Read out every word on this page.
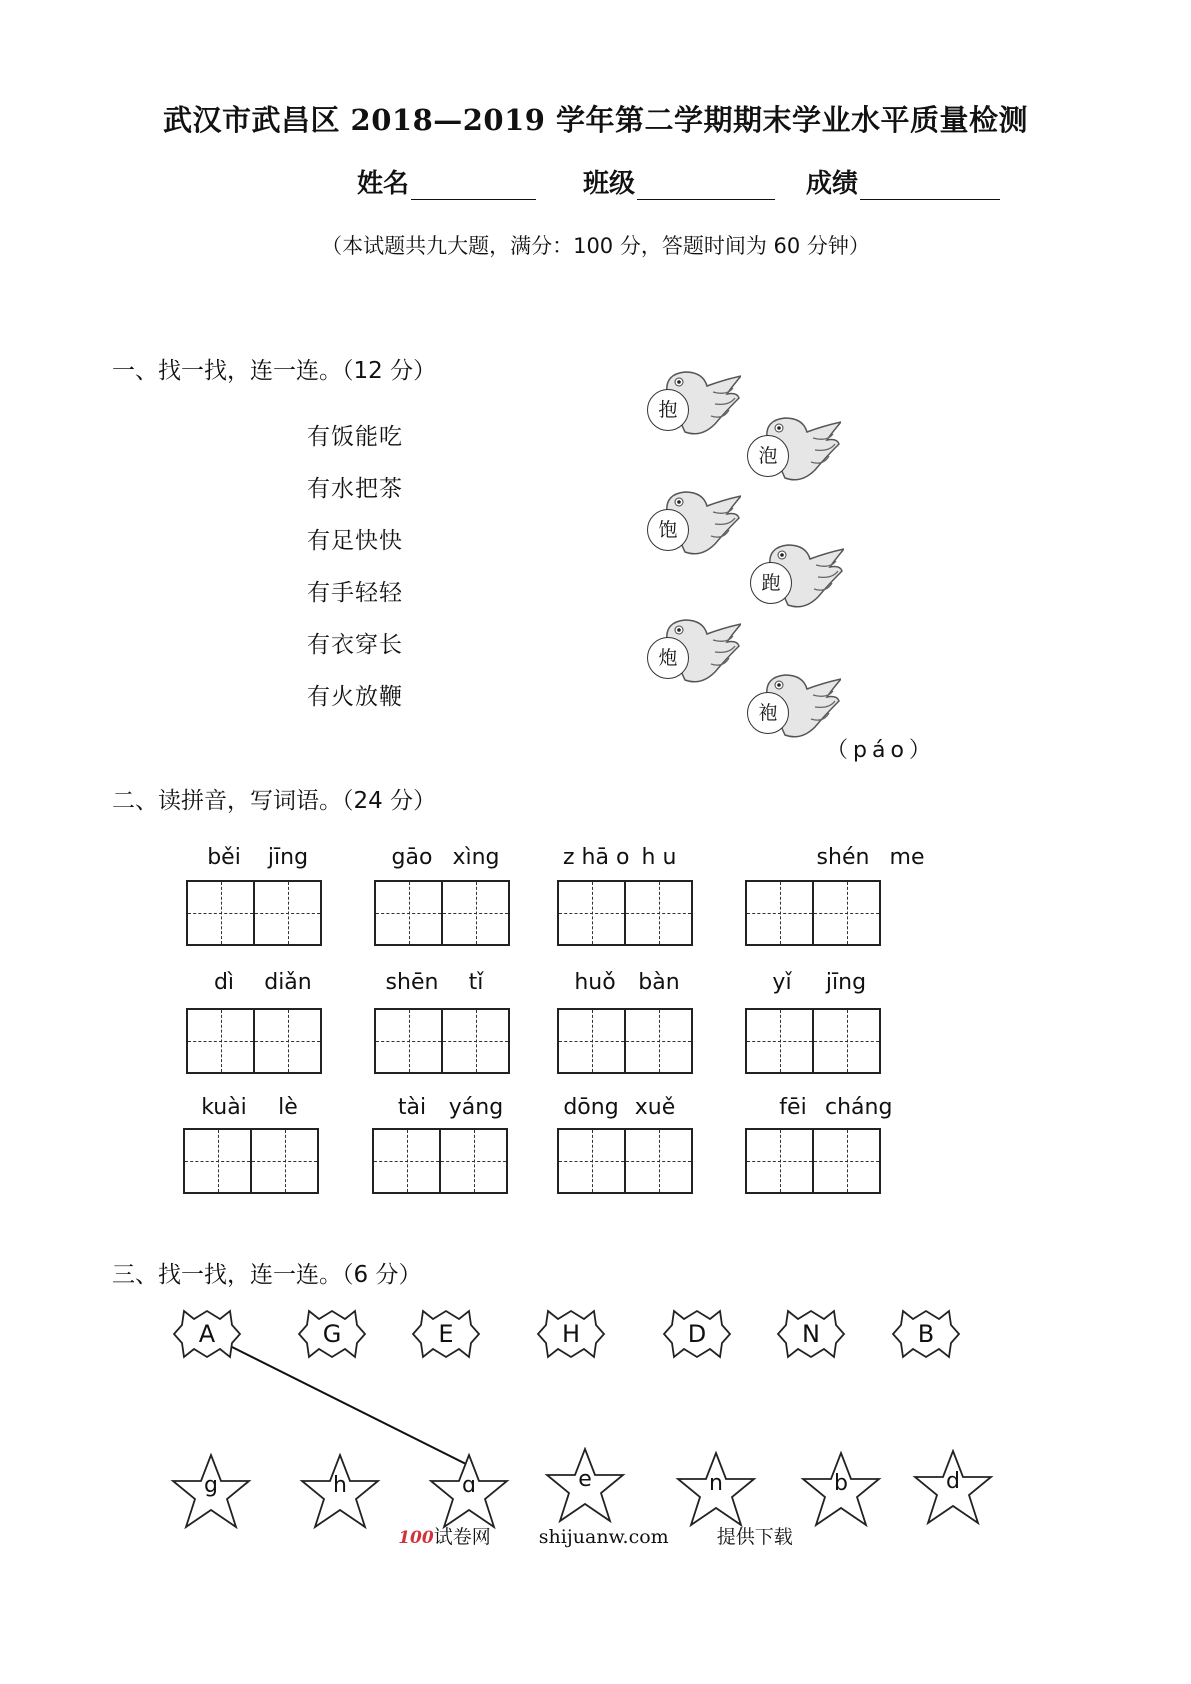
武汉市武昌区 2018—2019 学年第二学期期末学业水平质量检测
姓名	班级	成绩
（本试题共九大题，满分：100 分，答题时间为 60 分钟）
一、找一找，连一连。（12 分）
有饭能吃
有水把茶
有足快快
有手轻轻
有衣穿长
有火放鞭
抱
泡
饱
跑
炮
袍
（páo）
二、读拼音，写词语。（24 分）
běi jīng	gāo xìng	z hā o h u	shén me
dì diǎn	shēn tǐ	huǒ bàn	yǐ jīng
kuài lè	tài yáng	dōng xuě	fēi cháng
三、找一找，连一连。（6 分）
A	G	E	H	D	N	B
g	h	ɑ	e	n	b	d
100试卷网	shijuanw.com	提供下载
